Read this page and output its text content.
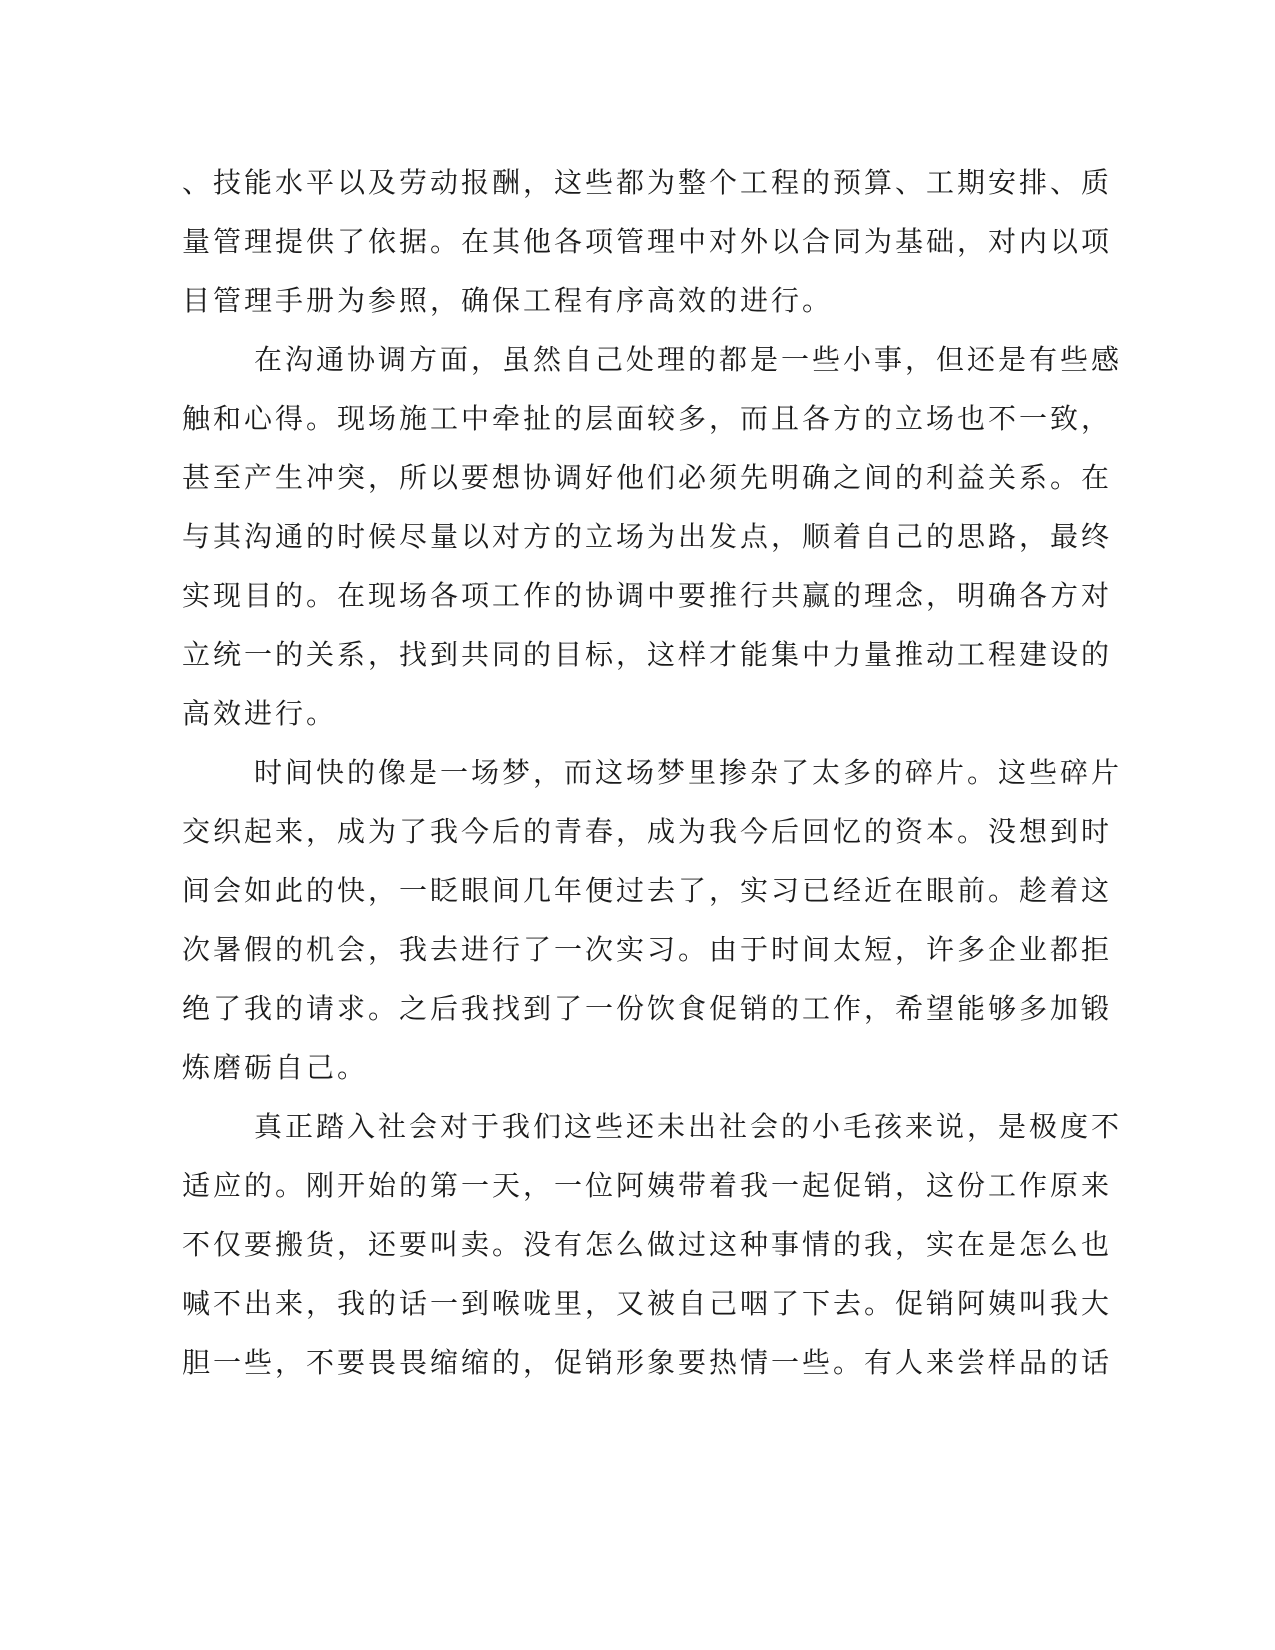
、技能水平以及劳动报酬，这些都为整个工程的预算、工期安排、质
量管理提供了依据。在其他各项管理中对外以合同为基础，对内以项
目管理手册为参照，确保工程有序高效的进行。
在沟通协调方面，虽然自己处理的都是一些小事，但还是有些感
触和心得。现场施工中牵扯的层面较多，而且各方的立场也不一致，
甚至产生冲突，所以要想协调好他们必须先明确之间的利益关系。在
与其沟通的时候尽量以对方的立场为出发点，顺着自己的思路，最终
实现目的。在现场各项工作的协调中要推行共赢的理念，明确各方对
立统一的关系，找到共同的目标，这样才能集中力量推动工程建设的
高效进行。
时间快的像是一场梦，而这场梦里掺杂了太多的碎片。这些碎片
交织起来，成为了我今后的青春，成为我今后回忆的资本。没想到时
间会如此的快，一眨眼间几年便过去了，实习已经近在眼前。趁着这
次暑假的机会，我去进行了一次实习。由于时间太短，许多企业都拒
绝了我的请求。之后我找到了一份饮食促销的工作，希望能够多加锻
炼磨砺自己。
真正踏入社会对于我们这些还未出社会的小毛孩来说，是极度不
适应的。刚开始的第一天，一位阿姨带着我一起促销，这份工作原来
不仅要搬货，还要叫卖。没有怎么做过这种事情的我，实在是怎么也
喊不出来，我的话一到喉咙里，又被自己咽了下去。促销阿姨叫我大
胆一些，不要畏畏缩缩的，促销形象要热情一些。有人来尝样品的话
